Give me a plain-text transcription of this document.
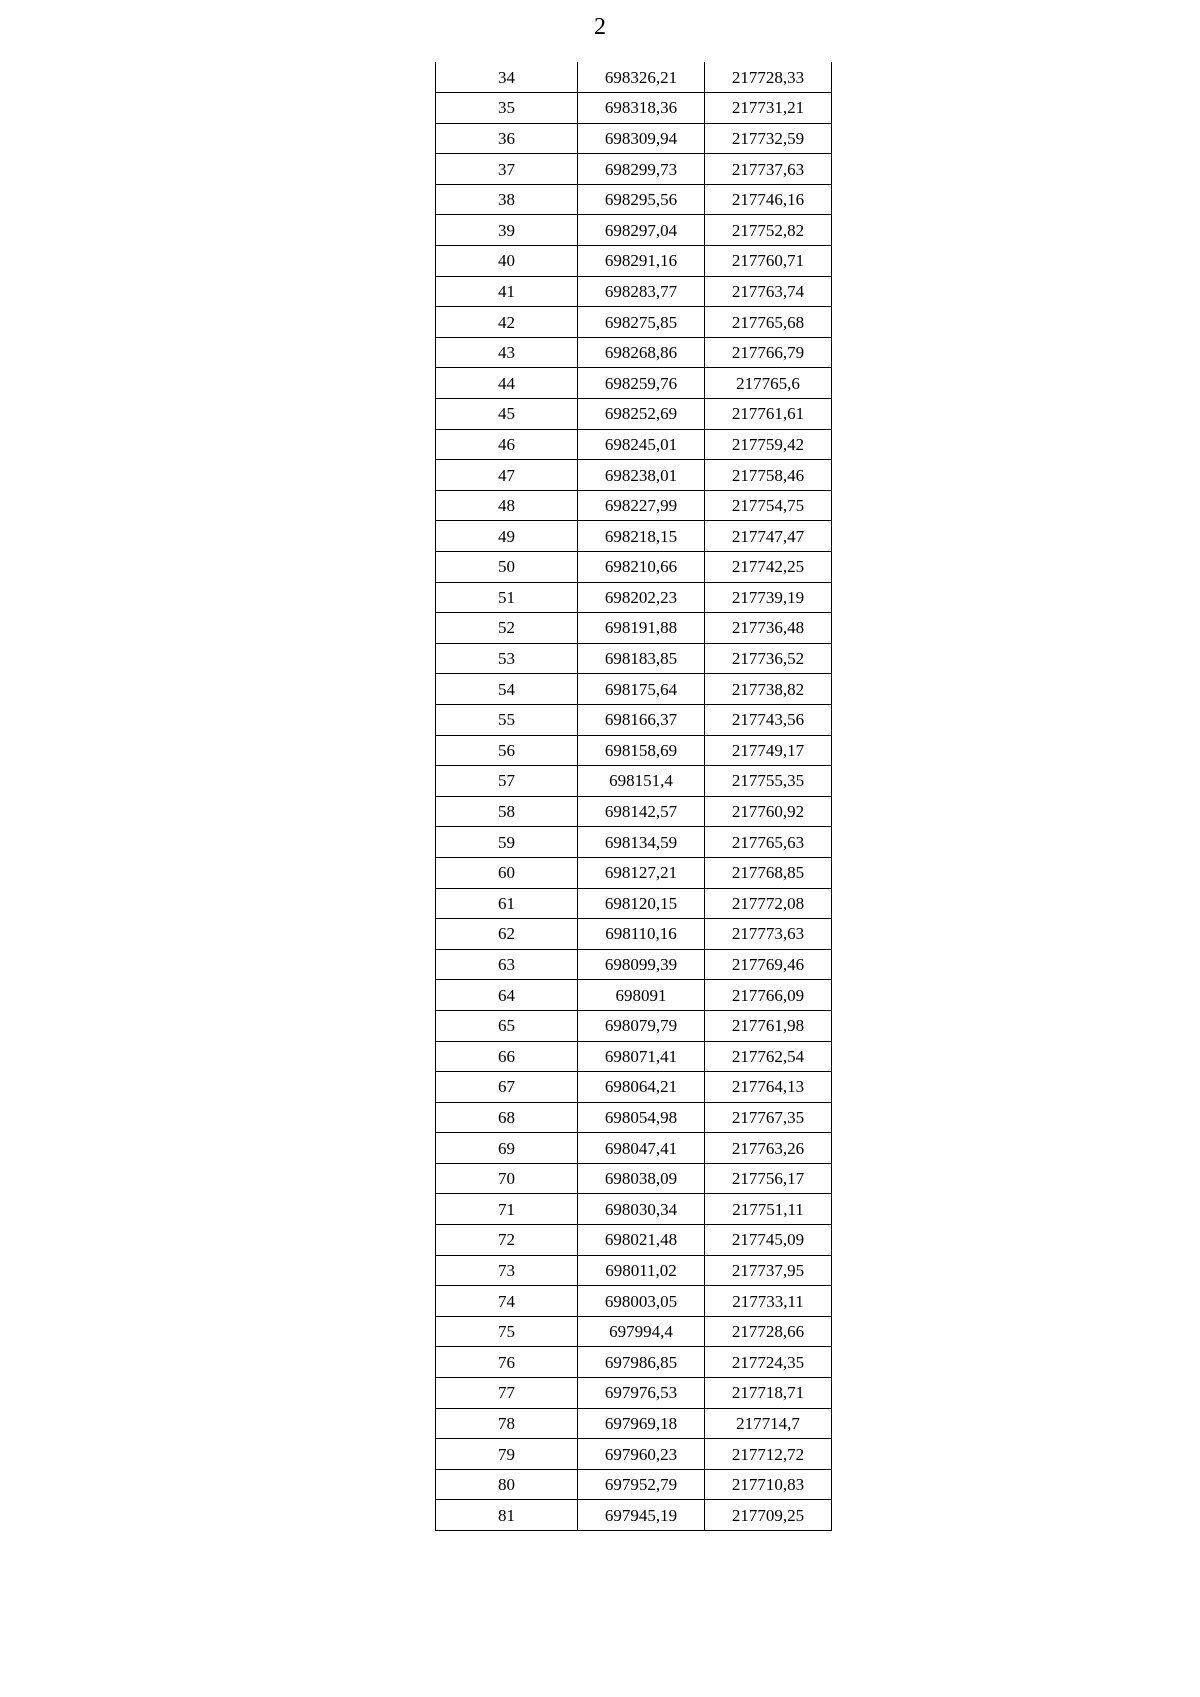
2
34	698326,21	217728,33
35	698318,36	217731,21
36	698309,94	217732,59
37	698299,73	217737,63
38	698295,56	217746,16
39	698297,04	217752,82
40	698291,16	217760,71
41	698283,77	217763,74
42	698275,85	217765,68
43	698268,86	217766,79
44	698259,76	217765,6
45	698252,69	217761,61
46	698245,01	217759,42
47	698238,01	217758,46
48	698227,99	217754,75
49	698218,15	217747,47
50	698210,66	217742,25
51	698202,23	217739,19
52	698191,88	217736,48
53	698183,85	217736,52
54	698175,64	217738,82
55	698166,37	217743,56
56	698158,69	217749,17
57	698151,4	217755,35
58	698142,57	217760,92
59	698134,59	217765,63
60	698127,21	217768,85
61	698120,15	217772,08
62	698110,16	217773,63
63	698099,39	217769,46
64	698091	217766,09
65	698079,79	217761,98
66	698071,41	217762,54
67	698064,21	217764,13
68	698054,98	217767,35
69	698047,41	217763,26
70	698038,09	217756,17
71	698030,34	217751,11
72	698021,48	217745,09
73	698011,02	217737,95
74	698003,05	217733,11
75	697994,4	217728,66
76	697986,85	217724,35
77	697976,53	217718,71
78	697969,18	217714,7
79	697960,23	217712,72
80	697952,79	217710,83
81	697945,19	217709,25
